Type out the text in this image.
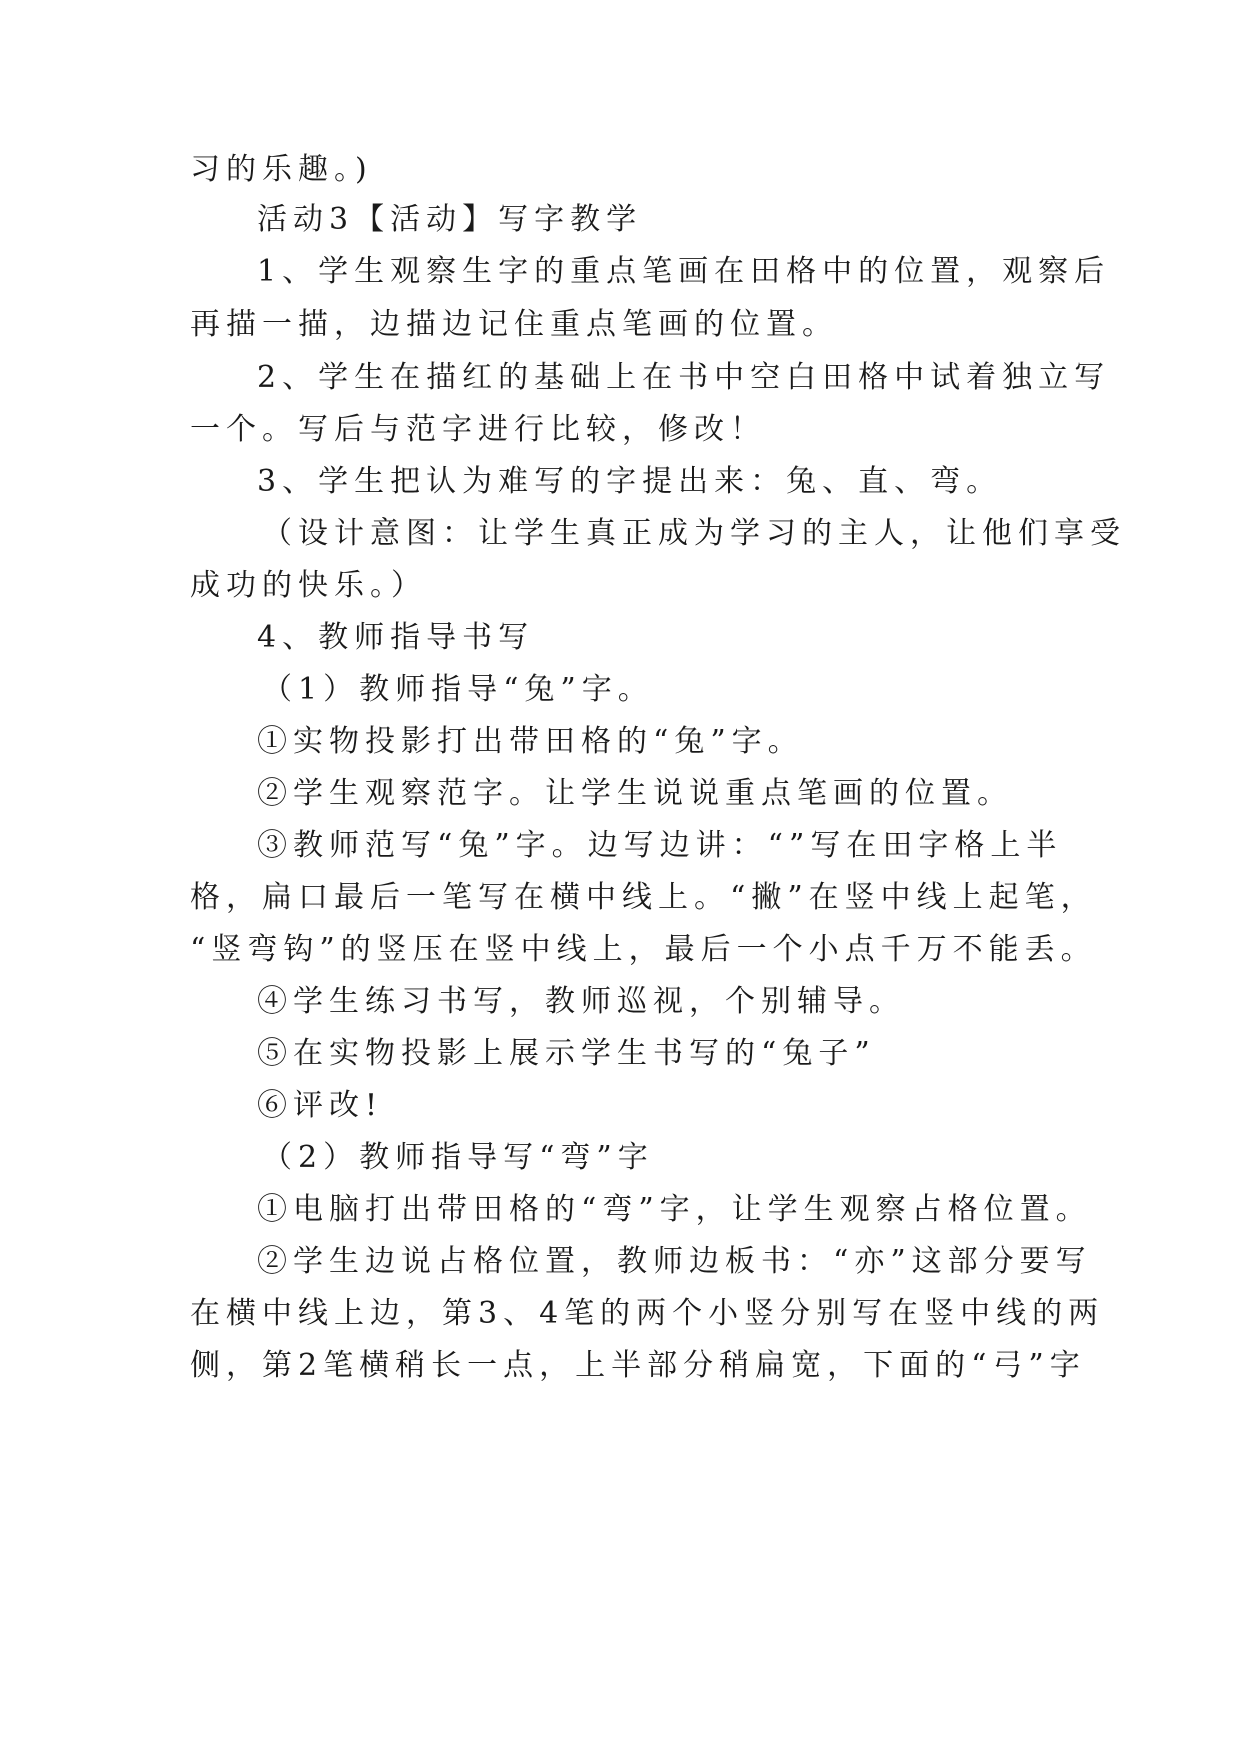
习的乐趣。)
活动3【活动】写字教学
1、学生观察生字的重点笔画在田格中的位置，观察后
再描一描，边描边记住重点笔画的位置。
2、学生在描红的基础上在书中空白田格中试着独立写
一个。写后与范字进行比较，修改！
3、学生把认为难写的字提出来：兔、直、弯。
（设计意图：让学生真正成为学习的主人，让他们享受
成功的快乐。）
4、教师指导书写
（1）教师指导“兔”字。
①实物投影打出带田格的“兔”字。
②学生观察范字。让学生说说重点笔画的位置。
③教师范写“兔”字。边写边讲：“”写在田字格上半
格，扁口最后一笔写在横中线上。“撇”在竖中线上起笔，
“竖弯钩”的竖压在竖中线上，最后一个小点千万不能丢。
④学生练习书写，教师巡视，个别辅导。
⑤在实物投影上展示学生书写的“兔子”
⑥评改!
（2）教师指导写“弯”字
①电脑打出带田格的“弯”字，让学生观察占格位置。
②学生边说占格位置，教师边板书：“亦”这部分要写
在横中线上边，第3、4笔的两个小竖分别写在竖中线的两
侧，第2笔横稍长一点，上半部分稍扁宽，下面的“弓”字
